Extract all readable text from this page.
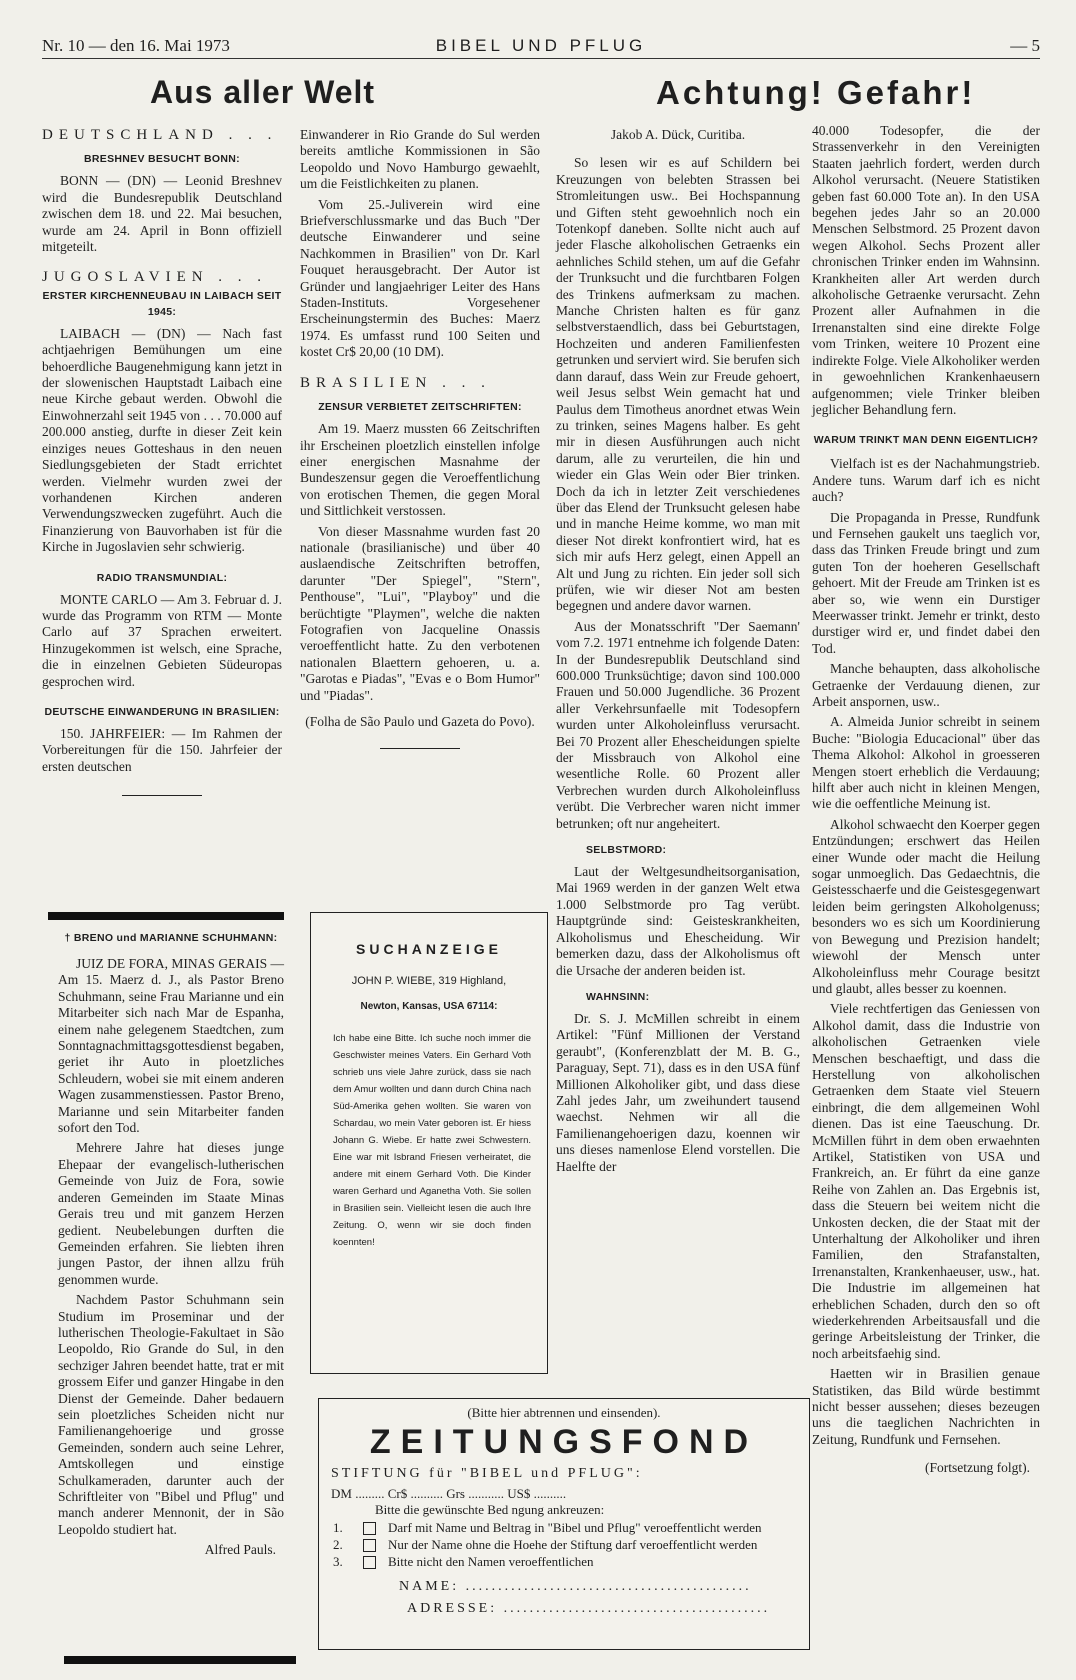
Nr. 10 — den 16. Mai 1973	BIBEL UND PFLUG	— 5
Aus aller Welt	Achtung! Gefahr!
DEUTSCHLAND . . .
BRESHNEV BESUCHT BONN:

BONN — (DN) — Leonid Breshnev wird die Bundesrepublik Deutschland zwischen dem 18. und 22. Mai besuchen, wurde am 24. April in Bonn offiziell mitgeteilt.

JUGOSLAVIEN . . .
ERSTER KIRCHENNEUBAU IN LAIBACH SEIT 1945:

LAIBACH — (DN) — Nach fast achtjaehrigen Bemühungen um eine behoerdliche Baugenehmigung kann jetzt in der slowenischen Hauptstadt Laibach eine neue Kirche gebaut werden. Obwohl die Einwohnerzahl seit 1945 von . . . 70.000 auf 200.000 anstieg, durfte in dieser Zeit kein einziges neues Gotteshaus in den neuen Siedlungsgebieten der Stadt errichtet werden. Vielmehr wurden zwei der vorhandenen Kirchen anderen Verwendungszwecken zugeführt. Auch die Finanzierung von Bauvorhaben ist für die Kirche in Jugoslavien sehr schwierig.

RADIO TRANSMUNDIAL:

MONTE CARLO — Am 3. Februar d. J. wurde das Programm von RTM — Monte Carlo auf 37 Sprachen erweitert. Hinzugekommen ist welsch, eine Sprache, die in einzelnen Gebieten Südeuropas gesprochen wird.

DEUTSCHE EINWANDERUNG IN BRASILIEN:

150. JAHRFEIER: — Im Rahmen der Vorbereitungen für die 150. Jahrfeier der ersten deutschen

† BRENO und MARIANNE SCHUHMANN:

JUIZ DE FORA, MINAS GERAIS — Am 15. Maerz d. J., als Pastor Breno Schuhmann, seine Frau Marianne und ein Mitarbeiter sich nach Mar de Espanha, einem nahe gelegenem Staedtchen, zum Sonntagnachmittagsgottesdienst begaben, geriet ihr Auto in ploetzliches Schleudern, wobei sie mit einem anderen Wagen zusammenstiessen. Pastor Breno, Marianne und sein Mitarbeiter fanden sofort den Tod.

Mehrere Jahre hat dieses junge Ehepaar der evangelisch-lutherischen Gemeinde von Juiz de Fora, sowie anderen Gemeinden im Staate Minas Gerais treu und mit ganzem Herzen gedient. Neubelebungen durften die Gemeinden erfahren. Sie liebten ihren jungen Pastor, der ihnen allzu früh genommen wurde.

Nachdem Pastor Schuhmann sein Studium im Proseminar und der lutherischen Theologie-Fakultaet in São Leopoldo, Rio Grande do Sul, in den sechziger Jahren beendet hatte, trat er mit grossem Eifer und ganzer Hingabe in den Dienst der Gemeinde. Daher bedauern sein ploetzliches Scheiden nicht nur Familienangehoerige und grosse Gemeinden, sondern auch seine Lehrer, Amtskollegen und einstige Schulkameraden, darunter auch der Schriftleiter von "Bibel und Pflug" und manch anderer Mennonit, der in São Leopoldo studiert hat.

Alfred Pauls.

Einwanderer in Rio Grande do Sul werden bereits amtliche Kommissionen in São Leopoldo und Novo Hamburgo gewaehlt, um die Feistlichkeiten zu planen.

Vom 25.-Juliverein wird eine Briefverschlussmarke und das Buch "Der deutsche Einwanderer und seine Nachkommen in Brasilien" von Dr. Karl Fouquet herausgebracht. Der Autor ist Gründer und langjaehriger Leiter des Hans Staden-Instituts. Vorgesehener Erscheinungstermin des Buches: Maerz 1974. Es umfasst rund 100 Seiten und kostet Cr$ 20,00 (10 DM).

BRASILIEN . . .
ZENSUR VERBIETET ZEITSCHRIFTEN:

Am 19. Maerz mussten 66 Zeitschriften ihr Erscheinen ploetzlich einstellen infolge einer energischen Masnahme der Bundeszensur gegen die Veroeffentlichung von erotischen Themen, die gegen Moral und Sittlichkeit verstossen.

Von dieser Massnahme wurden fast 20 nationale (brasilianische) und über 40 auslaendische Zeitschriften betroffen, darunter "Der Spiegel", "Stern", Penthouse", "Lui", "Playboy" und die berüchtigte "Playmen", welche die nakten Fotografien von Jacqueline Onassis veroeffentlicht hatte. Zu den verbotenen nationalen Blaettern gehoeren, u. a. "Garotas e Piadas", "Evas e o Bom Humor" und "Piadas".

(Folha de São Paulo und Gazeta do Povo).
SUCHANZEIGE
JOHN P. WIEBE, 319 Highland,
Newton, Kansas, USA 67114:
Ich habe eine Bitte. Ich suche noch immer die Geschwister meines Vaters. Ein Gerhard Voth schrieb uns viele Jahre zurück, dass sie nach dem Amur wollten und dann durch China nach Süd-Amerika gehen wollten. Sie waren von Schardau, wo mein Vater geboren ist. Er hiess Johann G. Wiebe. Er hatte zwei Schwestern. Eine war mit Isbrand Friesen verheiratet, die andere mit einem Gerhard Voth. Die Kinder waren Gerhard und Aganetha Voth. Sie sollen in Brasilien sein. Vielleicht lesen die auch Ihre Zeitung. O, wenn wir sie doch finden koennten!
Jakob A. Dück, Curitiba.

So lesen wir es auf Schildern bei Kreuzungen von belebten Strassen bei Stromleitungen usw.. Bei Hochspannung und Giften steht gewoehnlich noch ein Totenkopf daneben. Sollte nicht auch auf jeder Flasche alkoholischen Getraenks ein aehnliches Schild stehen, um auf die Gefahr der Trunksucht und die furchtbaren Folgen des Trinkens aufmerksam zu machen. Manche Christen halten es für ganz selbstverstaendlich, dass bei Geburtstagen, Hochzeiten und anderen Familienfesten getrunken und serviert wird. Sie berufen sich dann darauf, dass Wein zur Freude gehoert, weil Jesus selbst Wein gemacht hat und Paulus dem Timotheus anordnet etwas Wein zu trinken, seines Magens halber. Es geht mir in diesen Ausführungen auch nicht darum, alle zu verurteilen, die hin und wieder ein Glas Wein oder Bier trinken. Doch da ich in letzter Zeit verschiedenes über das Elend der Trunksucht gelesen habe und in manche Heime komme, wo man mit dieser Not direkt konfrontiert wird, hat es sich mir aufs Herz gelegt, einen Appell an Alt und Jung zu richten. Ein jeder soll sich prüfen, wie wir dieser Not am besten begegnen und andere davor warnen.

Aus der Monatsschrift "Der Saemann' vom 7.2. 1971 entnehme ich folgende Daten: In der Bundesrepublik Deutschland sind 600.000 Trunksüchtige; davon sind 100.000 Frauen und 50.000 Jugendliche. 36 Prozent aller Verkehrsunfaelle mit Todesopfern wurden unter Alkoholeinfluss verursacht. Bei 70 Prozent aller Ehescheidungen spielte der Missbrauch von Alkohol eine wesentliche Rolle. 60 Prozent aller Verbrechen wurden durch Alkoholeinfluss verübt. Die Verbrecher waren nicht immer betrunken; oft nur angeheitert.

SELBSTMORD:

Laut der Weltgesundheitsorganisation, Mai 1969 werden in der ganzen Welt etwa 1.000 Selbstmorde pro Tag verübt. Hauptgründe sind: Geisteskrankheiten, Alkoholismus und Ehescheidung. Wir bemerken dazu, dass der Alkoholismus oft die Ursache der anderen beiden ist.

WAHNSINN:

Dr. S. J. McMillen schreibt in einem Artikel: "Fünf Millionen der Verstand geraubt", (Konferenzblatt der M. B. G., Paraguay, Sept. 71), dass es in den USA fünf Millionen Alkoholiker gibt, und dass diese Zahl jedes Jahr, um zweihundert tausend waechst. Nehmen wir all die Familienangehoerigen dazu, koennen wir uns dieses namenlose Elend vorstellen. Die Haelfte der

40.000 Todesopfer, die der Strassenverkehr in den Vereinigten Staaten jaehrlich fordert, werden durch Alkohol verursacht. (Neuere Statistiken geben fast 60.000 Tote an). In den USA begehen jedes Jahr so an 20.000 Menschen Selbstmord. 25 Prozent davon wegen Alkohol. Sechs Prozent aller chronischen Trinker enden im Wahnsinn. Krankheiten aller Art werden durch alkoholische Getraenke verursacht. Zehn Prozent aller Aufnahmen in die Irrenanstalten sind eine direkte Folge vom Trinken, weitere 10 Prozent eine indirekte Folge. Viele Alkoholiker werden in gewoehnlichen Krankenhaeusern aufgenommen; viele Trinker bleiben jeglicher Behandlung fern.

WARUM TRINKT MAN DENN EIGENTLICH?

Vielfach ist es der Nachahmungstrieb. Andere tuns. Warum darf ich es nicht auch?

Die Propaganda in Presse, Rundfunk und Fernsehen gaukelt uns taeglich vor, dass das Trinken Freude bringt und zum guten Ton der hoeheren Gesellschaft gehoert. Mit der Freude am Trinken ist es aber so, wie wenn ein Durstiger Meerwasser trinkt. Jemehr er trinkt, desto durstiger wird er, und findet dabei den Tod.

Manche behaupten, dass alkoholische Getraenke der Verdauung dienen, zur Arbeit anspornen, usw..

A. Almeida Junior schreibt in seinem Buche: "Biologia Educacional" über das Thema Alkohol: Alkohol in groesseren Mengen stoert erheblich die Verdauung; hilft aber auch nicht in kleinen Mengen, wie die oeffentliche Meinung ist.

Alkohol schwaecht den Koerper gegen Entzündungen; erschwert das Heilen einer Wunde oder macht die Heilung sogar unmoeglich. Das Gedaechtnis, die Geistesschaerfe und die Geistesgegenwart leiden beim geringsten Alkoholgenuss; besonders wo es sich um Koordinierung von Bewegung und Prezision handelt; wiewohl der Mensch unter Alkoholeinfluss mehr Courage besitzt und glaubt, alles besser zu koennen.

Viele rechtfertigen das Geniessen von Alkohol damit, dass die Industrie von alkoholischen Getraenken viele Menschen beschaeftigt, und dass die Herstellung von alkoholischen Getraenken dem Staate viel Steuern einbringt, die dem allgemeinen Wohl dienen. Das ist eine Taeuschung. Dr. McMillen führt in dem oben erwaehnten Artikel, Statistiken von USA und Frankreich, an. Er führt da eine ganze Reihe von Zahlen an. Das Ergebnis ist, dass die Steuern bei weitem nicht die Unkosten decken, die der Staat mit der Unterhaltung der Alkoholiker und ihren Familien, den Strafanstalten, Irrenanstalten, Krankenhaeuser, usw., hat. Die Industrie im allgemeinen hat erheblichen Schaden, durch den so oft wiederkehrenden Arbeitsausfall und die geringe Arbeitsleistung der Trinker, die noch arbeitsfaehig sind.

Haetten wir in Brasilien genaue Statistiken, das Bild würde bestimmt nicht besser aussehen; dieses bezeugen uns die taeglichen Nachrichten in Zeitung, Rundfunk und Fernsehen.

(Fortsetzung folgt).
(Bitte hier abtrennen und einsenden).
ZEITUNGSFOND
STIFTUNG für "BIBEL und PFLUG":
DM ......... Cr$ .......... Grs ........... US$ ..........
Bitte die gewünschte Bed ngung ankreuzen:
1.	Darf mit Name und Beltrag in "Bibel und Pflug" veroeffentlicht werden
2.	Nur der Name ohne die Hoehe der Stiftung darf veroeffentlicht werden
3.	Bitte nicht den Namen veroeffentlichen
NAME: ............................................
ADRESSE: .........................................
